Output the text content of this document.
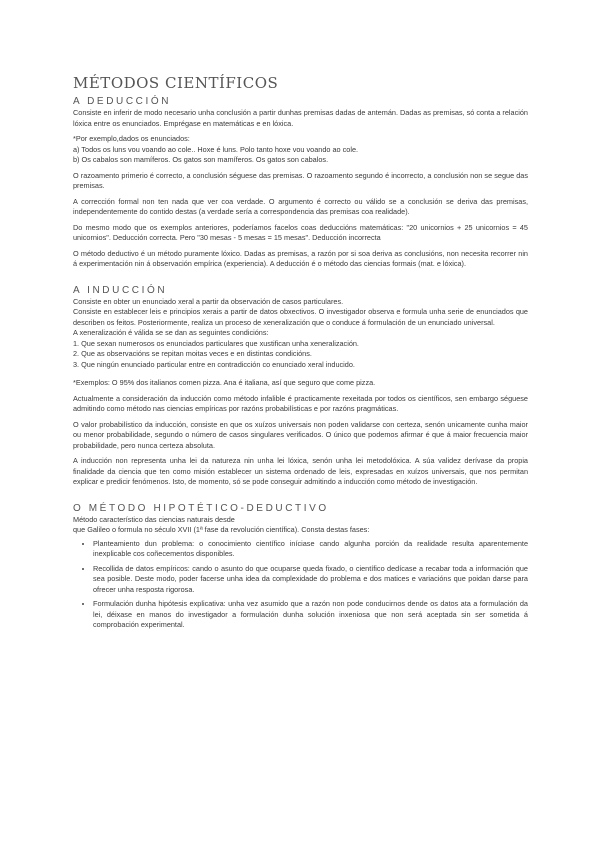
MÉTODOS CIENTÍFICOS
A DEDUCCIÓN

Consiste en inferir de modo necesario unha conclusión a partir dunhas premisas dadas de antemán. Dadas as premisas, só conta a relación lóxica entre os enunciados. Emprégase en matemáticas e en lóxica.

*Por exemplo,dados os enunciados:

a) Todos os luns vou voando ao cole.. Hoxe é luns. Polo tanto hoxe vou voando ao cole.

b) Os cabalos son mamíferos. Os gatos son mamíferos. Os gatos son cabalos.

O razoamento primerio é correcto, a conclusión séguese das premisas. O razoamento segundo é incorrecto, a conclusión non se segue das premisas.

A corrección formal non ten nada que ver coa verdade. O argumento é correcto ou válido se a conclusión se deriva das premisas, independentemente do contido destas (a verdade sería a correspondencia das premisas coa realidade).

Do mesmo modo que os exemplos anteriores, poderíamos facelos coas deduccións matemáticas: "20 unicornios + 25 unicornios = 45 unicornios". Deducción correcta. Pero "30 mesas - 5 mesas = 15 mesas". Deducción incorrecta

O método deductivo é un método puramente lóxico. Dadas as premisas, a razón por si soa deriva as conclusións, non necesita recorrer nin á experimentación nin á observación empírica (experiencia). A deducción é o método das ciencias formais (mat. e lóxica).

A INDUCCIÓN

Consiste en obter un enunciado xeral a partir da observación de casos particulares.

Consiste en establecer leis e principios xerais a partir de datos obxectivos. O investigador observa e formula unha serie de enunciados que describen os feitos. Posteriormente, realiza un proceso de xeneralización que o conduce á formulación de un enunciado universal.

A xeneralización é válida se se dan as seguintes condicións:

1. Que sexan numerosos os enunciados particulares que xustifican unha xeneralización.

2. Que as observacións se repitan moitas veces e en distintas condicións.

3. Que ningún enunciado particular entre en contradicción co enunciado xeral inducido.

*Exemplos: O 95% dos italianos comen pizza. Ana é italiana, así que seguro que come pizza.

Actualmente a consideración da inducción como método infalible é practicamente rexeitada por todos os científicos, sen embargo séguese admitindo como método nas ciencias empíricas por razóns probabilísticas e por razóns pragmáticas.

O valor probabilístico da inducción, consiste en que os xuízos universais non poden validarse con certeza, senón unicamente cunha maior ou menor probabilidade, segundo o número de casos singulares verificados. O único que podemos afirmar é que á maior frecuencia maior probabilidade, pero nunca certeza absoluta.

A inducción non representa unha lei da natureza nin unha lei lóxica, senón unha lei metodolóxica. A súa validez derívase da propia finalidade da ciencia que ten como misión establecer un sistema ordenado de leis, expresadas en xuízos universais, que nos permitan explicar e predicir fenómenos. Isto, de momento, só se pode conseguir admitindo a inducción como método de investigación.

O MÉTODO HIPOTÉTICO-DEDUCTIVO

Método característico das ciencias naturais desde

que Galileo o formula no século XVII (1ª fase da revolución científica). Consta destas fases:

• Planteamiento dun problema: o conocimiento científico iníciase cando algunha porción da realidade resulta aparentemente inexplicable cos coñecementos disponibles.
• Recollida de datos empíricos: cando o asunto do que ocuparse queda fixado, o científico dedícase a recabar toda a información que sea posible. Deste modo, poder facerse unha idea da complexidade do problema e dos matices e variacións que poidan darse para ofrecer unha resposta rigorosa.
• Formulación dunha hipótesis explicativa: unha vez asumido que a razón non pode conducirnos dende os datos ata a formulación da lei, déixase en manos do investigador a formulación dunha solución inxeniosa que non será aceptada sin ser sometida á comprobación experimental.
